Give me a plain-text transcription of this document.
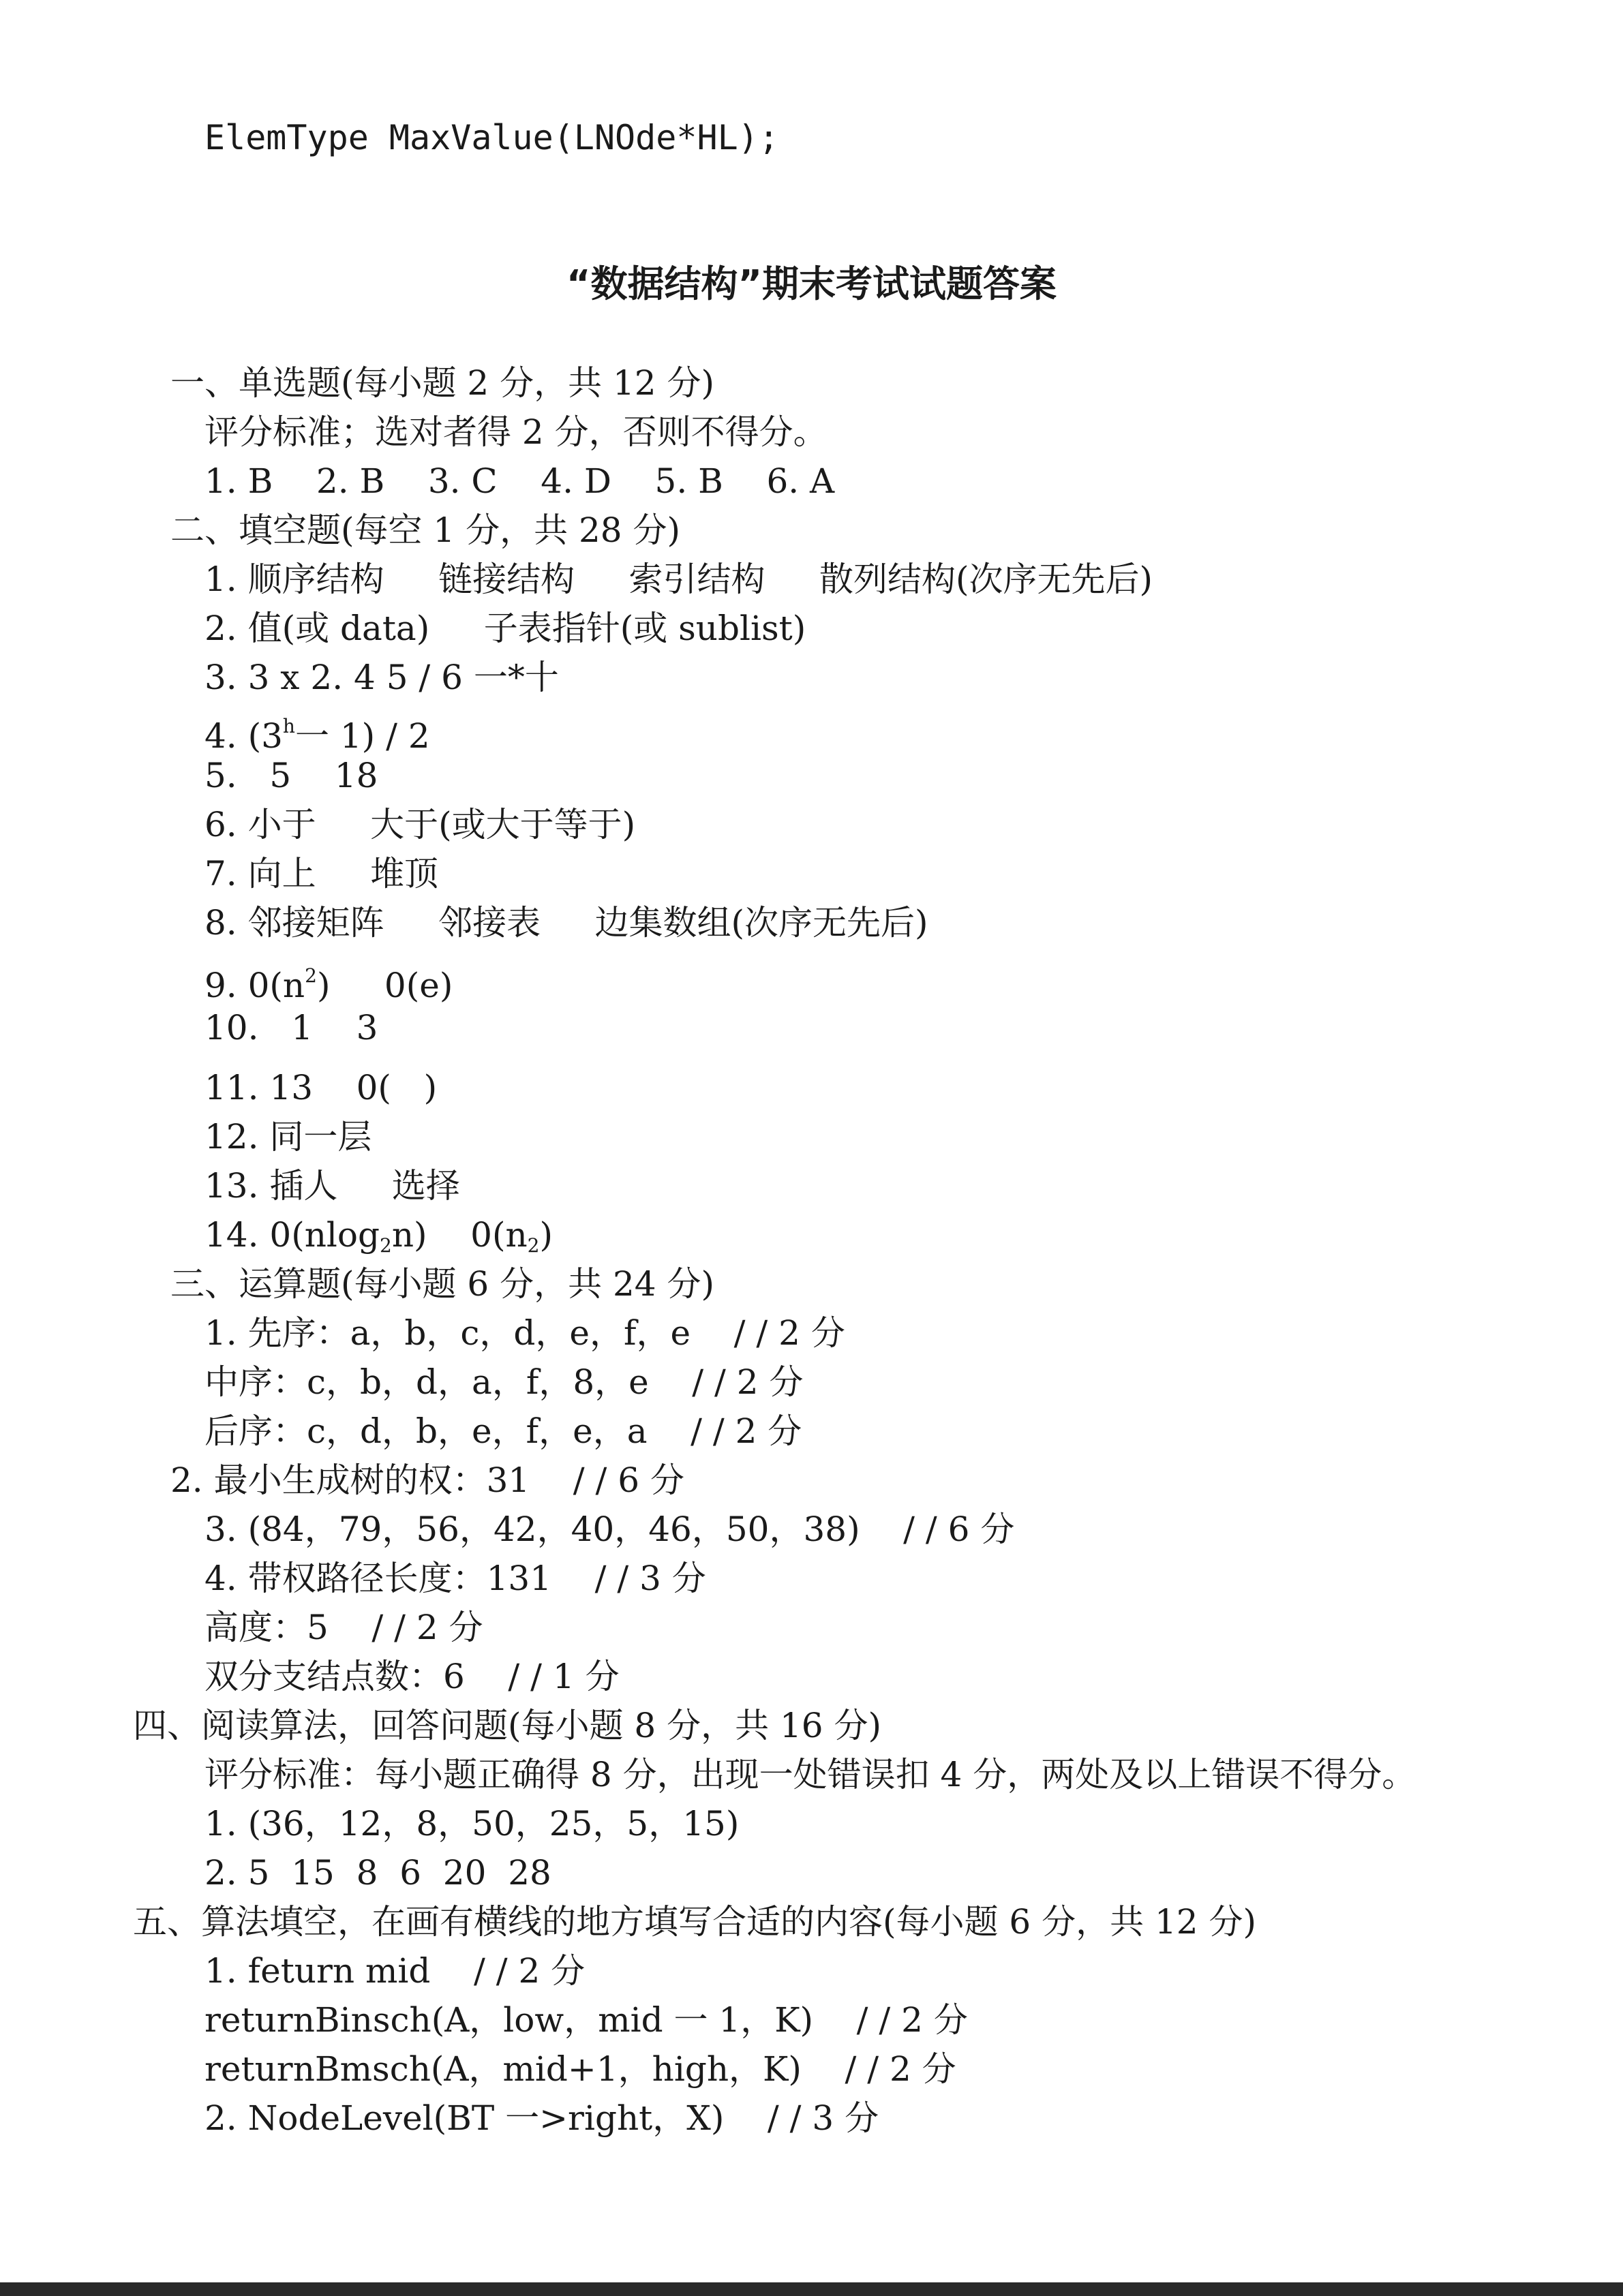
ElemType MaxValue(LNOde*HL);
“数据结构”期末考试试题答案
一、单选题(每小题 2 分，共 12 分)
评分标准；选对者得 2 分，否则不得分。
1. B    2. B    3. C    4. D    5. B    6. A
二、填空题(每空 1 分，共 28 分)
1. 顺序结构     链接结构     索引结构     散列结构(次序无先后)
2. 值(或 data)     子表指针(或 sublist)
3. 3 x 2. 4 5 / 6 一*十
4. (3$^h$一 1) / 2
5.   5    18
6. 小于     大于(或大于等于)
7. 向上     堆顶
8. 邻接矩阵     邻接表     边集数组(次序无先后)
9. $0(n^2)$     0(e)
10.   1    3
11. 13    0(   )
12. 同一层
13. 插人     选择
14. 0(nlog$_2$n)    $0(n_2)$
三、运算题(每小题 6 分，共 24 分)
1. 先序：a，b，c，d，e，f，e    / / 2 分
中序：c，b，d，a，f，8，e    / / 2 分
后序：c，d，b，e，f，e，a    / / 2 分
2. 最小生成树的权：31    / / 6 分
3. (84，79，56，42，40，46，50，38)    / / 6 分
4. 带权路径长度：131    / / 3 分
高度：5    / / 2 分
双分支结点数：6    / / 1 分
四、阅读算法，回答问题(每小题 8 分，共 16 分)
评分标准：每小题正确得 8 分，出现一处错误扣 4 分，两处及以上错误不得分。
1. (36，12，8，50，25，5，15)
2. 5  15  8  6  20  28
五、算法填空，在画有横线的地方填写合适的内容(每小题 6 分，共 12 分)
1. feturn mid    / / 2 分
returnBinsch(A，low，mid 一 1，K)    / / 2 分
returnBmsch(A，mid+1，high，K)    / / 2 分
2. NodeLevel(BT 一>right，X)    / / 3 分
